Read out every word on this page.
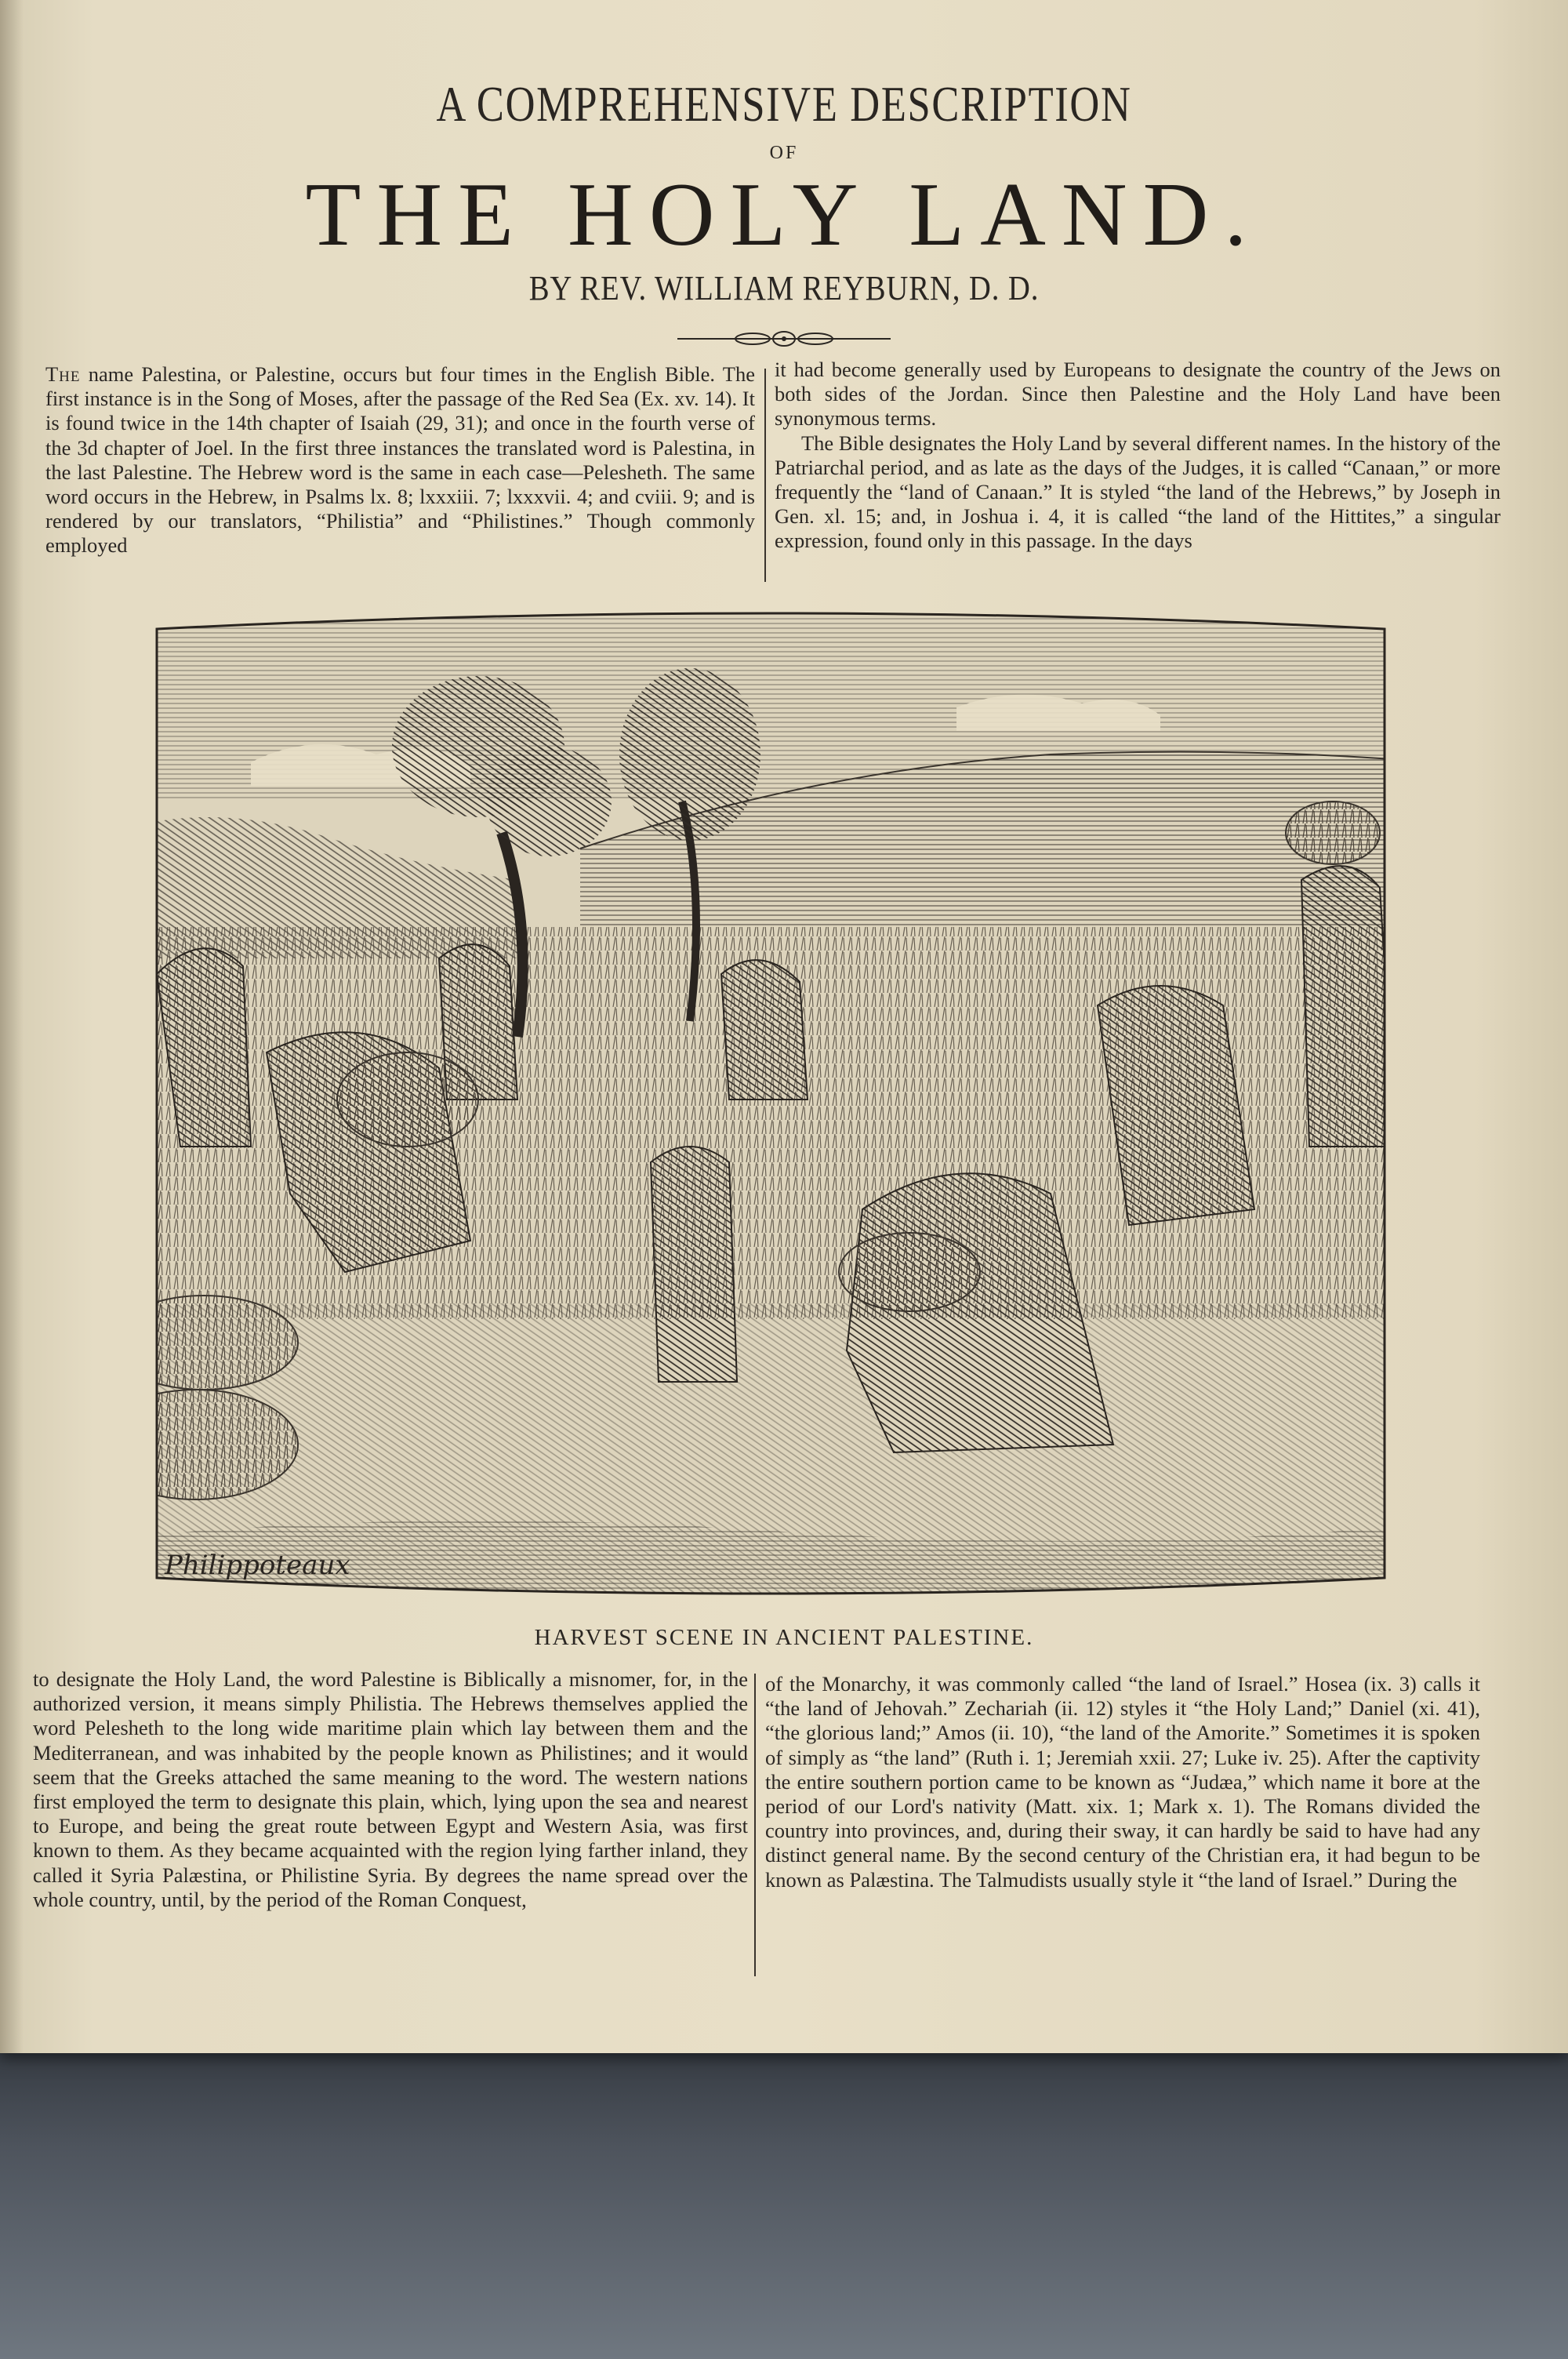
A COMPREHENSIVE DESCRIPTION
OF
THE HOLY LAND.
BY REV. WILLIAM REYBURN, D. D.

The name Palestina, or Palestine, occurs but four times in the English Bible. The first instance is in the Song of Moses, after the passage of the Red Sea (Ex. xv. 14). It is found twice in the 14th chapter of Isaiah (29, 31); and once in the fourth verse of the 3d chapter of Joel. In the first three instances the translated word is Palestina, in the last Palestine. The Hebrew word is the same in each case—Pelesheth. The same word occurs in the Hebrew, in Psalms lx. 8; lxxxiii. 7; lxxxvii. 4; and cviii. 9; and is rendered by our translators, “Philistia” and “Philistines.” Though commonly employed

it had become generally used by Europeans to designate the country of the Jews on both sides of the Jordan. Since then Palestine and the Holy Land have been synonymous terms.

The Bible designates the Holy Land by several different names. In the history of the Patriarchal period, and as late as the days of the Judges, it is called “Canaan,” or more frequently the “land of Canaan.” It is styled “the land of the Hebrews,” by Joseph in Gen. xl. 15; and, in Joshua i. 4, it is called “the land of the Hittites,” a singular expression, found only in this passage. In the days

Philippoteaux
HARVEST SCENE IN ANCIENT PALESTINE.

to designate the Holy Land, the word Palestine is Biblically a misnomer, for, in the authorized version, it means simply Philistia. The Hebrews themselves applied the word Pelesheth to the long wide maritime plain which lay between them and the Mediterranean, and was inhabited by the people known as Philistines; and it would seem that the Greeks attached the same meaning to the word. The western nations first employed the term to designate this plain, which, lying upon the sea and nearest to Europe, and being the great route between Egypt and Western Asia, was first known to them. As they became acquainted with the region lying farther inland, they called it Syria Palæstina, or Philistine Syria. By degrees the name spread over the whole country, until, by the period of the Roman Conquest,

of the Monarchy, it was commonly called “the land of Israel.” Hosea (ix. 3) calls it “the land of Jehovah.” Zechariah (ii. 12) styles it “the Holy Land;” Daniel (xi. 41), “the glorious land;” Amos (ii. 10), “the land of the Amorite.” Sometimes it is spoken of simply as “the land” (Ruth i. 1; Jeremiah xxii. 27; Luke iv. 25). After the captivity the entire southern portion came to be known as “Judæa,” which name it bore at the period of our Lord's nativity (Matt. xix. 1; Mark x. 1). The Romans divided the country into provinces, and, during their sway, it can hardly be said to have had any distinct general name. By the second century of the Christian era, it had begun to be known as Palæstina. The Talmudists usually style it “the land of Israel.” During the
